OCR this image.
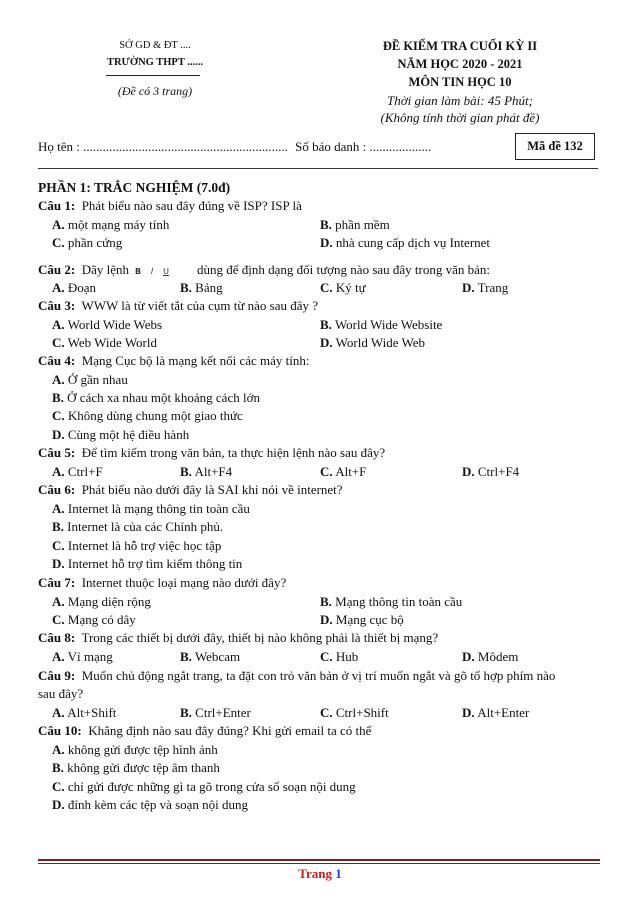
SỞ GD & ĐT ....
TRƯỜNG THPT ......
(Đề có 3 trang)
ĐỀ KIỂM TRA CUỐI KỲ II
NĂM HỌC 2020 - 2021
MÔN TIN HỌC 10
Thời gian làm bài: 45 Phút;
(Không tính thời gian phát đề)
Họ tên : ............................................................... Số báo danh : ...................	Mã đề 132
PHẦN 1: TRẮC NGHIỆM (7.0đ)
Câu 1: Phát biểu nào sau đây đúng về ISP? ISP là
A. một mạng máy tính	B. phần mềm
C. phần cứng	D. nhà cung cấp dịch vụ Internet
Câu 2: Dãy lệnh B I U dùng để định dạng đối tượng nào sau đây trong văn bản:
A. Đoạn	B. Bảng	C. Ký tự	D. Trang
Câu 3: WWW là từ viết tắt của cụm từ nào sau đây ?
A. World Wide Webs	B. World Wide Website
C. Web Wide World	D. World Wide Web
Câu 4: Mạng Cục bộ là mạng kết nối các máy tính:
A. Ở gần nhau
B. Ở cách xa nhau một khoảng cách lớn
C. Không dùng chung một giao thức
D. Cùng một hệ điều hành
Câu 5: Để tìm kiếm trong văn bản, ta thực hiện lệnh nào sau đây?
A. Ctrl+F	B. Alt+F4	C. Alt+F	D. Ctrl+F4
Câu 6: Phát biểu nào dưới đây là SAI khi nói về internet?
A. Internet là mạng thông tin toàn cầu
B. Internet là của các Chính phủ.
C. Internet là hỗ trợ việc học tập
D. Internet hỗ trợ tìm kiếm thông tin
Câu 7: Internet thuộc loại mạng nào dưới đây?
A. Mạng diện rộng	B. Mạng thông tin toàn cầu
C. Mạng có dây	D. Mạng cục bộ
Câu 8: Trong các thiết bị dưới đây, thiết bị nào không phải là thiết bị mạng?
A. Vỉ mạng	B. Webcam	C. Hub	D. Môdem
Câu 9: Muốn chủ động ngắt trang, ta đặt con trỏ văn bản ở vị trí muốn ngắt và gõ tổ hợp phím nào
sau đây?
A. Alt+Shift	B. Ctrl+Enter	C. Ctrl+Shift	D. Alt+Enter
Câu 10: Khẳng định nào sau đây đúng? Khi gửi email ta có thể
A. không gửi được tệp hình ảnh
B. không gửi được tệp âm thanh
C. chỉ gửi được những gì ta gõ trong cửa sổ soạn nội dung
D. đính kèm các tệp và soạn nội dung
Trang 1
